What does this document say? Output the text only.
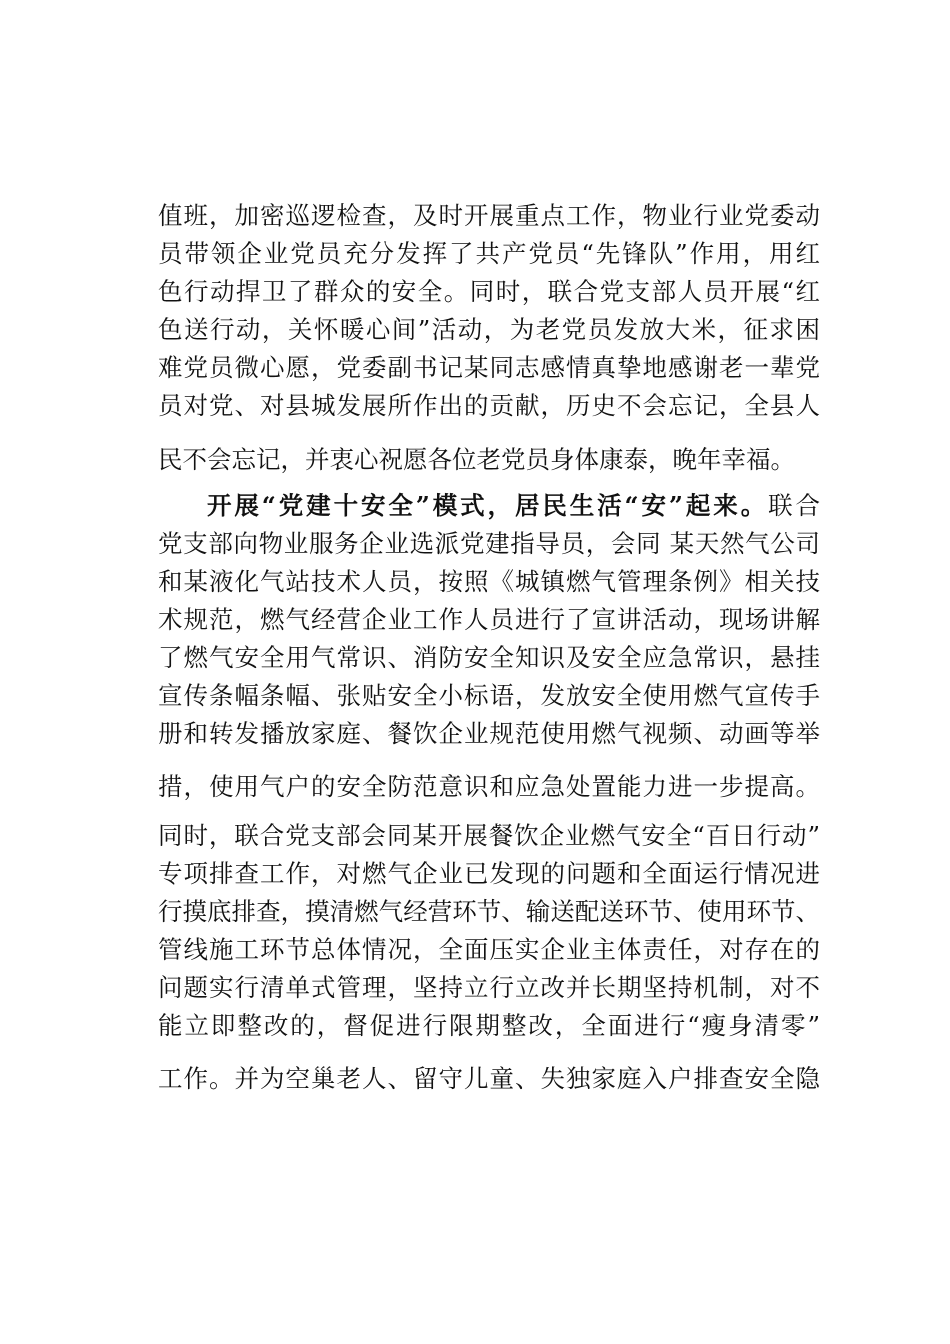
值班，加密巡逻检查，及时开展重点工作，物业行业党委动
员带领企业党员充分发挥了共产党员“先锋队”作用，用红
色行动捍卫了群众的安全。同时，联合党支部人员开展“红
色送行动，关怀暖心间”活动，为老党员发放大米，征求困
难党员微心愿，党委副书记某同志感情真挚地感谢老一辈党
员对党、对县城发展所作出的贡献，历史不会忘记，全县人
民不会忘记，并衷心祝愿各位老党员身体康泰，晚年幸福。
开展“党建十安全”模式，居民生活“安”起来。联合
党支部向物业服务企业选派党建指导员，会同 某天然气公司
和某液化气站技术人员，按照《城镇燃气管理条例》相关技
术规范，燃气经营企业工作人员进行了宣讲活动，现场讲解
了燃气安全用气常识、消防安全知识及安全应急常识，悬挂
宣传条幅条幅、张贴安全小标语，发放安全使用燃气宣传手
册和转发播放家庭、餐饮企业规范使用燃气视频、动画等举
措，使用气户的安全防范意识和应急处置能力进一步提高。
同时，联合党支部会同某开展餐饮企业燃气安全“百日行动”
专项排查工作，对燃气企业已发现的问题和全面运行情况进
行摸底排查，摸清燃气经营环节、输送配送环节、使用环节、
管线施工环节总体情况，全面压实企业主体责任，对存在的
问题实行清单式管理，坚持立行立改并长期坚持机制，对不
能立即整改的，督促进行限期整改，全面进行“瘦身清零”
工作。并为空巢老人、留守儿童、失独家庭入户排查安全隐
